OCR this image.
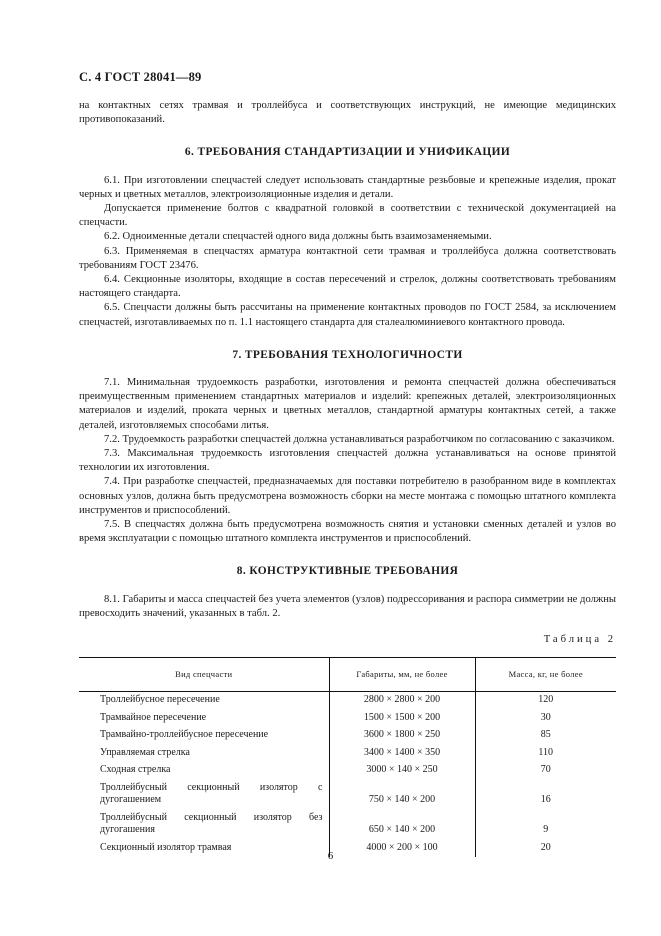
С. 4 ГОСТ 28041—89

на контактных сетях трамвая и троллейбуса и соответствующих инструкций, не имеющие медицинских противопоказаний.

6. ТРЕБОВАНИЯ СТАНДАРТИЗАЦИИ И УНИФИКАЦИИ

6.1. При изготовлении спецчастей следует использовать стандартные резьбовые и крепежные изделия, прокат черных и цветных металлов, электроизоляционные изделия и детали.

Допускается применение болтов с квадратной головкой в соответствии с технической документацией на спецчасти.

6.2. Одноименные детали спецчастей одного вида должны быть взаимозаменяемыми.

6.3. Применяемая в спецчастях арматура контактной сети трамвая и троллейбуса должна соответствовать требованиям ГОСТ 23476.

6.4. Секционные изоляторы, входящие в состав пересечений и стрелок, должны соответствовать требованиям настоящего стандарта.

6.5. Спецчасти должны быть рассчитаны на применение контактных проводов по ГОСТ 2584, за исключением спецчастей, изготавливаемых по п. 1.1 настоящего стандарта для сталеалюминиевого контактного провода.

7. ТРЕБОВАНИЯ ТЕХНОЛОГИЧНОСТИ

7.1. Минимальная трудоемкость разработки, изготовления и ремонта спецчастей должна обеспечиваться преимущественным применением стандартных материалов и изделий: крепежных деталей, электроизоляционных материалов и изделий, проката черных и цветных металлов, стандартной арматуры контактных сетей, а также деталей, изготовляемых способами литья.

7.2. Трудоемкость разработки спецчастей должна устанавливаться разработчиком по согласованию с заказчиком.

7.3. Максимальная трудоемкость изготовления спецчастей должна устанавливаться на основе принятой технологии их изготовления.

7.4. При разработке спецчастей, предназначаемых для поставки потребителю в разобранном виде в комплектах основных узлов, должна быть предусмотрена возможность сборки на месте монтажа с помощью штатного комплекта инструментов и приспособлений.

7.5. В спецчастях должна быть предусмотрена возможность снятия и установки сменных деталей и узлов во время эксплуатации с помощью штатного комплекта инструментов и приспособлений.

8. КОНСТРУКТИВНЫЕ ТРЕБОВАНИЯ

8.1. Габариты и масса спецчастей без учета элементов (узлов) подрессоривания и распора симметрии не должны превосходить значений, указанных в табл. 2.

Таблица 2
Вид спецчасти	Габариты, мм, не более	Масса, кг, не более
Троллейбусное пересечение	2800 × 2800 × 200	120
Трамвайное пересечение	1500 × 1500 × 200	30
Трамвайно-троллейбусное пересечение	3600 × 1800 × 250	85
Управляемая стрелка	3400 × 1400 × 350	110
Сходная стрелка	3000 × 140 × 250	70
Троллейбусный секционный изолятор с дугогашением	750 × 140 × 200	16
Троллейбусный секционный изолятор без дугогашения	650 × 140 × 200	9
Секционный изолятор трамвая	4000 × 200 × 100	20
6
